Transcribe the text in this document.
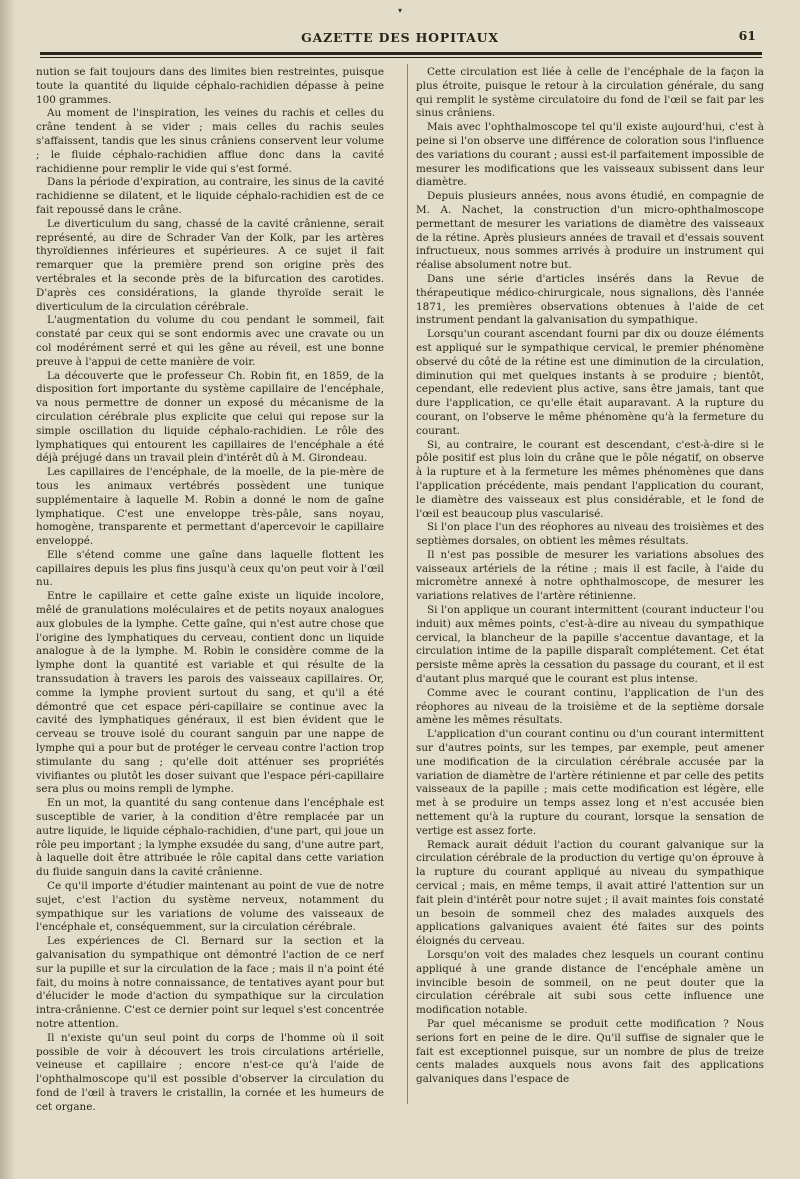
▾
GAZETTE DES HOPITAUX	61

nution se fait toujours dans des limites bien restreintes, puisque toute la quantité du liquide céphalo-rachidien dépasse à peine 100 grammes.

Au moment de l'inspiration, les veines du rachis et celles du crâne tendent à se vider ; mais celles du rachis seules s'affaissent, tandis que les sinus crâniens conservent leur volume ; le fluide céphalo-rachidien afflue donc dans la cavité rachidienne pour remplir le vide qui s'est formé.

Dans la période d'expiration, au contraire, les sinus de la cavité rachidienne se dilatent, et le liquide céphalo-rachidien est de ce fait repoussé dans le crâne.

Le diverticulum du sang, chassé de la cavité crânienne, serait représenté, au dire de Schrader Van der Kolk, par les artères thyroïdiennes inférieures et supérieures. A ce sujet il fait remarquer que la première prend son origine près des vertébrales et la seconde près de la bifurcation des carotides. D'après ces considérations, la glande thyroïde serait le diverticulum de la circulation cérébrale.

L'augmentation du volume du cou pendant le sommeil, fait constaté par ceux qui se sont endormis avec une cravate ou un col modérément serré et qui les gêne au réveil, est une bonne preuve à l'appui de cette manière de voir.

La découverte que le professeur Ch. Robin fit, en 1859, de la disposition fort importante du système capillaire de l'encéphale, va nous permettre de donner un exposé du mécanisme de la circulation cérébrale plus explicite que celui qui repose sur la simple oscillation du liquide céphalo-rachidien. Le rôle des lymphatiques qui entourent les capillaires de l'encéphale a été déjà préjugé dans un travail plein d'intérêt dû à M. Girondeau.

Les capillaires de l'encéphale, de la moelle, de la pie-mère de tous les animaux vertébrés possèdent une tunique supplémentaire à laquelle M. Robin a donné le nom de gaîne lymphatique. C'est une enveloppe très-pâle, sans noyau, homogène, transparente et permettant d'apercevoir le capillaire enveloppé.

Elle s'étend comme une gaîne dans laquelle flottent les capillaires depuis les plus fins jusqu'à ceux qu'on peut voir à l'œil nu.

Entre le capillaire et cette gaîne existe un liquide incolore, mêlé de granulations moléculaires et de petits noyaux analogues aux globules de la lymphe. Cette gaîne, qui n'est autre chose que l'origine des lymphatiques du cerveau, contient donc un liquide analogue à de la lymphe. M. Robin le considère comme de la lymphe dont la quantité est variable et qui résulte de la transsudation à travers les parois des vaisseaux capillaires. Or, comme la lymphe provient surtout du sang, et qu'il a été démontré que cet espace péri-capillaire se continue avec la cavité des lymphatiques généraux, il est bien évident que le cerveau se trouve isolé du courant sanguin par une nappe de lymphe qui a pour but de protéger le cerveau contre l'action trop stimulante du sang ; qu'elle doit atténuer ses propriétés vivifiantes ou plutôt les doser suivant que l'espace péri-capillaire sera plus ou moins rempli de lymphe.

En un mot, la quantité du sang contenue dans l'encéphale est susceptible de varier, à la condition d'être remplacée par un autre liquide, le liquide céphalo-rachidien, d'une part, qui joue un rôle peu important ; la lymphe exsudée du sang, d'une autre part, à laquelle doit être attribuée le rôle capital dans cette variation du fluide sanguin dans la cavité crânienne.

Ce qu'il importe d'étudier maintenant au point de vue de notre sujet, c'est l'action du système nerveux, notamment du sympathique sur les variations de volume des vaisseaux de l'encéphale et, conséquemment, sur la circulation cérébrale.

Les expériences de Cl. Bernard sur la section et la galvanisation du sympathique ont démontré l'action de ce nerf sur la pupille et sur la circulation de la face ; mais il n'a point été fait, du moins à notre connaissance, de tentatives ayant pour but d'élucider le mode d'action du sympathique sur la circulation intra-crânienne. C'est ce dernier point sur lequel s'est concentrée notre attention.

Il n'existe qu'un seul point du corps de l'homme où il soit possible de voir à découvert les trois circulations artérielle, veineuse et capillaire ; encore n'est-ce qu'à l'aide de l'ophthalmoscope qu'il est possible d'observer la circulation du fond de l'œil à travers le cristallin, la cornée et les humeurs de cet organe.

Cette circulation est liée à celle de l'encéphale de la façon la plus étroite, puisque le retour à la circulation générale, du sang qui remplit le système circulatoire du fond de l'œil se fait par les sinus crâniens.

Mais avec l'ophthalmoscope tel qu'il existe aujourd'hui, c'est à peine si l'on observe une différence de coloration sous l'influence des variations du courant ; aussi est-il parfaitement impossible de mesurer les modifications que les vaisseaux subissent dans leur diamètre.

Depuis plusieurs années, nous avons étudié, en compagnie de M. A. Nachet, la construction d'un micro-ophthalmoscope permettant de mesurer les variations de diamètre des vaisseaux de la rétine. Après plusieurs années de travail et d'essais souvent infructueux, nous sommes arrivés à produire un instrument qui réalise absolument notre but.

Dans une série d'articles insérés dans la Revue de thérapeutique médico-chirurgicale, nous signalions, dès l'année 1871, les premières observations obtenues à l'aide de cet instrument pendant la galvanisation du sympathique.

Lorsqu'un courant ascendant fourni par dix ou douze éléments est appliqué sur le sympathique cervical, le premier phénomène observé du côté de la rétine est une diminution de la circulation, diminution qui met quelques instants à se produire ; bientôt, cependant, elle redevient plus active, sans être jamais, tant que dure l'application, ce qu'elle était auparavant. A la rupture du courant, on l'observe le même phénomène qu'à la fermeture du courant.

Si, au contraire, le courant est descendant, c'est-à-dire si le pôle positif est plus loin du crâne que le pôle négatif, on observe à la rupture et à la fermeture les mêmes phénomènes que dans l'application précédente, mais pendant l'application du courant, le diamètre des vaisseaux est plus considérable, et le fond de l'œil est beaucoup plus vascularisé.

Si l'on place l'un des réophores au niveau des troisièmes et des septièmes dorsales, on obtient les mêmes résultats.

Il n'est pas possible de mesurer les variations absolues des vaisseaux artériels de la rétine ; mais il est facile, à l'aide du micromètre annexé à notre ophthalmoscope, de mesurer les variations relatives de l'artère rétinienne.

Si l'on applique un courant intermittent (courant inducteur l'ou induit) aux mêmes points, c'est-à-dire au niveau du sympathique cervical, la blancheur de la papille s'accentue davantage, et la circulation intime de la papille disparaît complétement. Cet état persiste même après la cessation du passage du courant, et il est d'autant plus marqué que le courant est plus intense.

Comme avec le courant continu, l'application de l'un des réophores au niveau de la troisième et de la septième dorsale amène les mêmes résultats.

L'application d'un courant continu ou d'un courant intermittent sur d'autres points, sur les tempes, par exemple, peut amener une modification de la circulation cérébrale accusée par la variation de diamètre de l'artère rétinienne et par celle des petits vaisseaux de la papille ; mais cette modification est légère, elle met à se produire un temps assez long et n'est accusée bien nettement qu'à la rupture du courant, lorsque la sensation de vertige est assez forte.

Remack aurait déduit l'action du courant galvanique sur la circulation cérébrale de la production du vertige qu'on éprouve à la rupture du courant appliqué au niveau du sympathique cervical ; mais, en même temps, il avait attiré l'attention sur un fait plein d'intérêt pour notre sujet ; il avait maintes fois constaté un besoin de sommeil chez des malades auxquels des applications galvaniques avaient été faites sur des points éloignés du cerveau.

Lorsqu'on voit des malades chez lesquels un courant continu appliqué à une grande distance de l'encéphale amène un invincible besoin de sommeil, on ne peut douter que la circulation cérébrale ait subi sous cette influence une modification notable.

Par quel mécanisme se produit cette modification ? Nous serions fort en peine de le dire. Qu'il suffise de signaler que le fait est exceptionnel puisque, sur un nombre de plus de treize cents malades auxquels nous avons fait des applications galvaniques dans l'espace de
